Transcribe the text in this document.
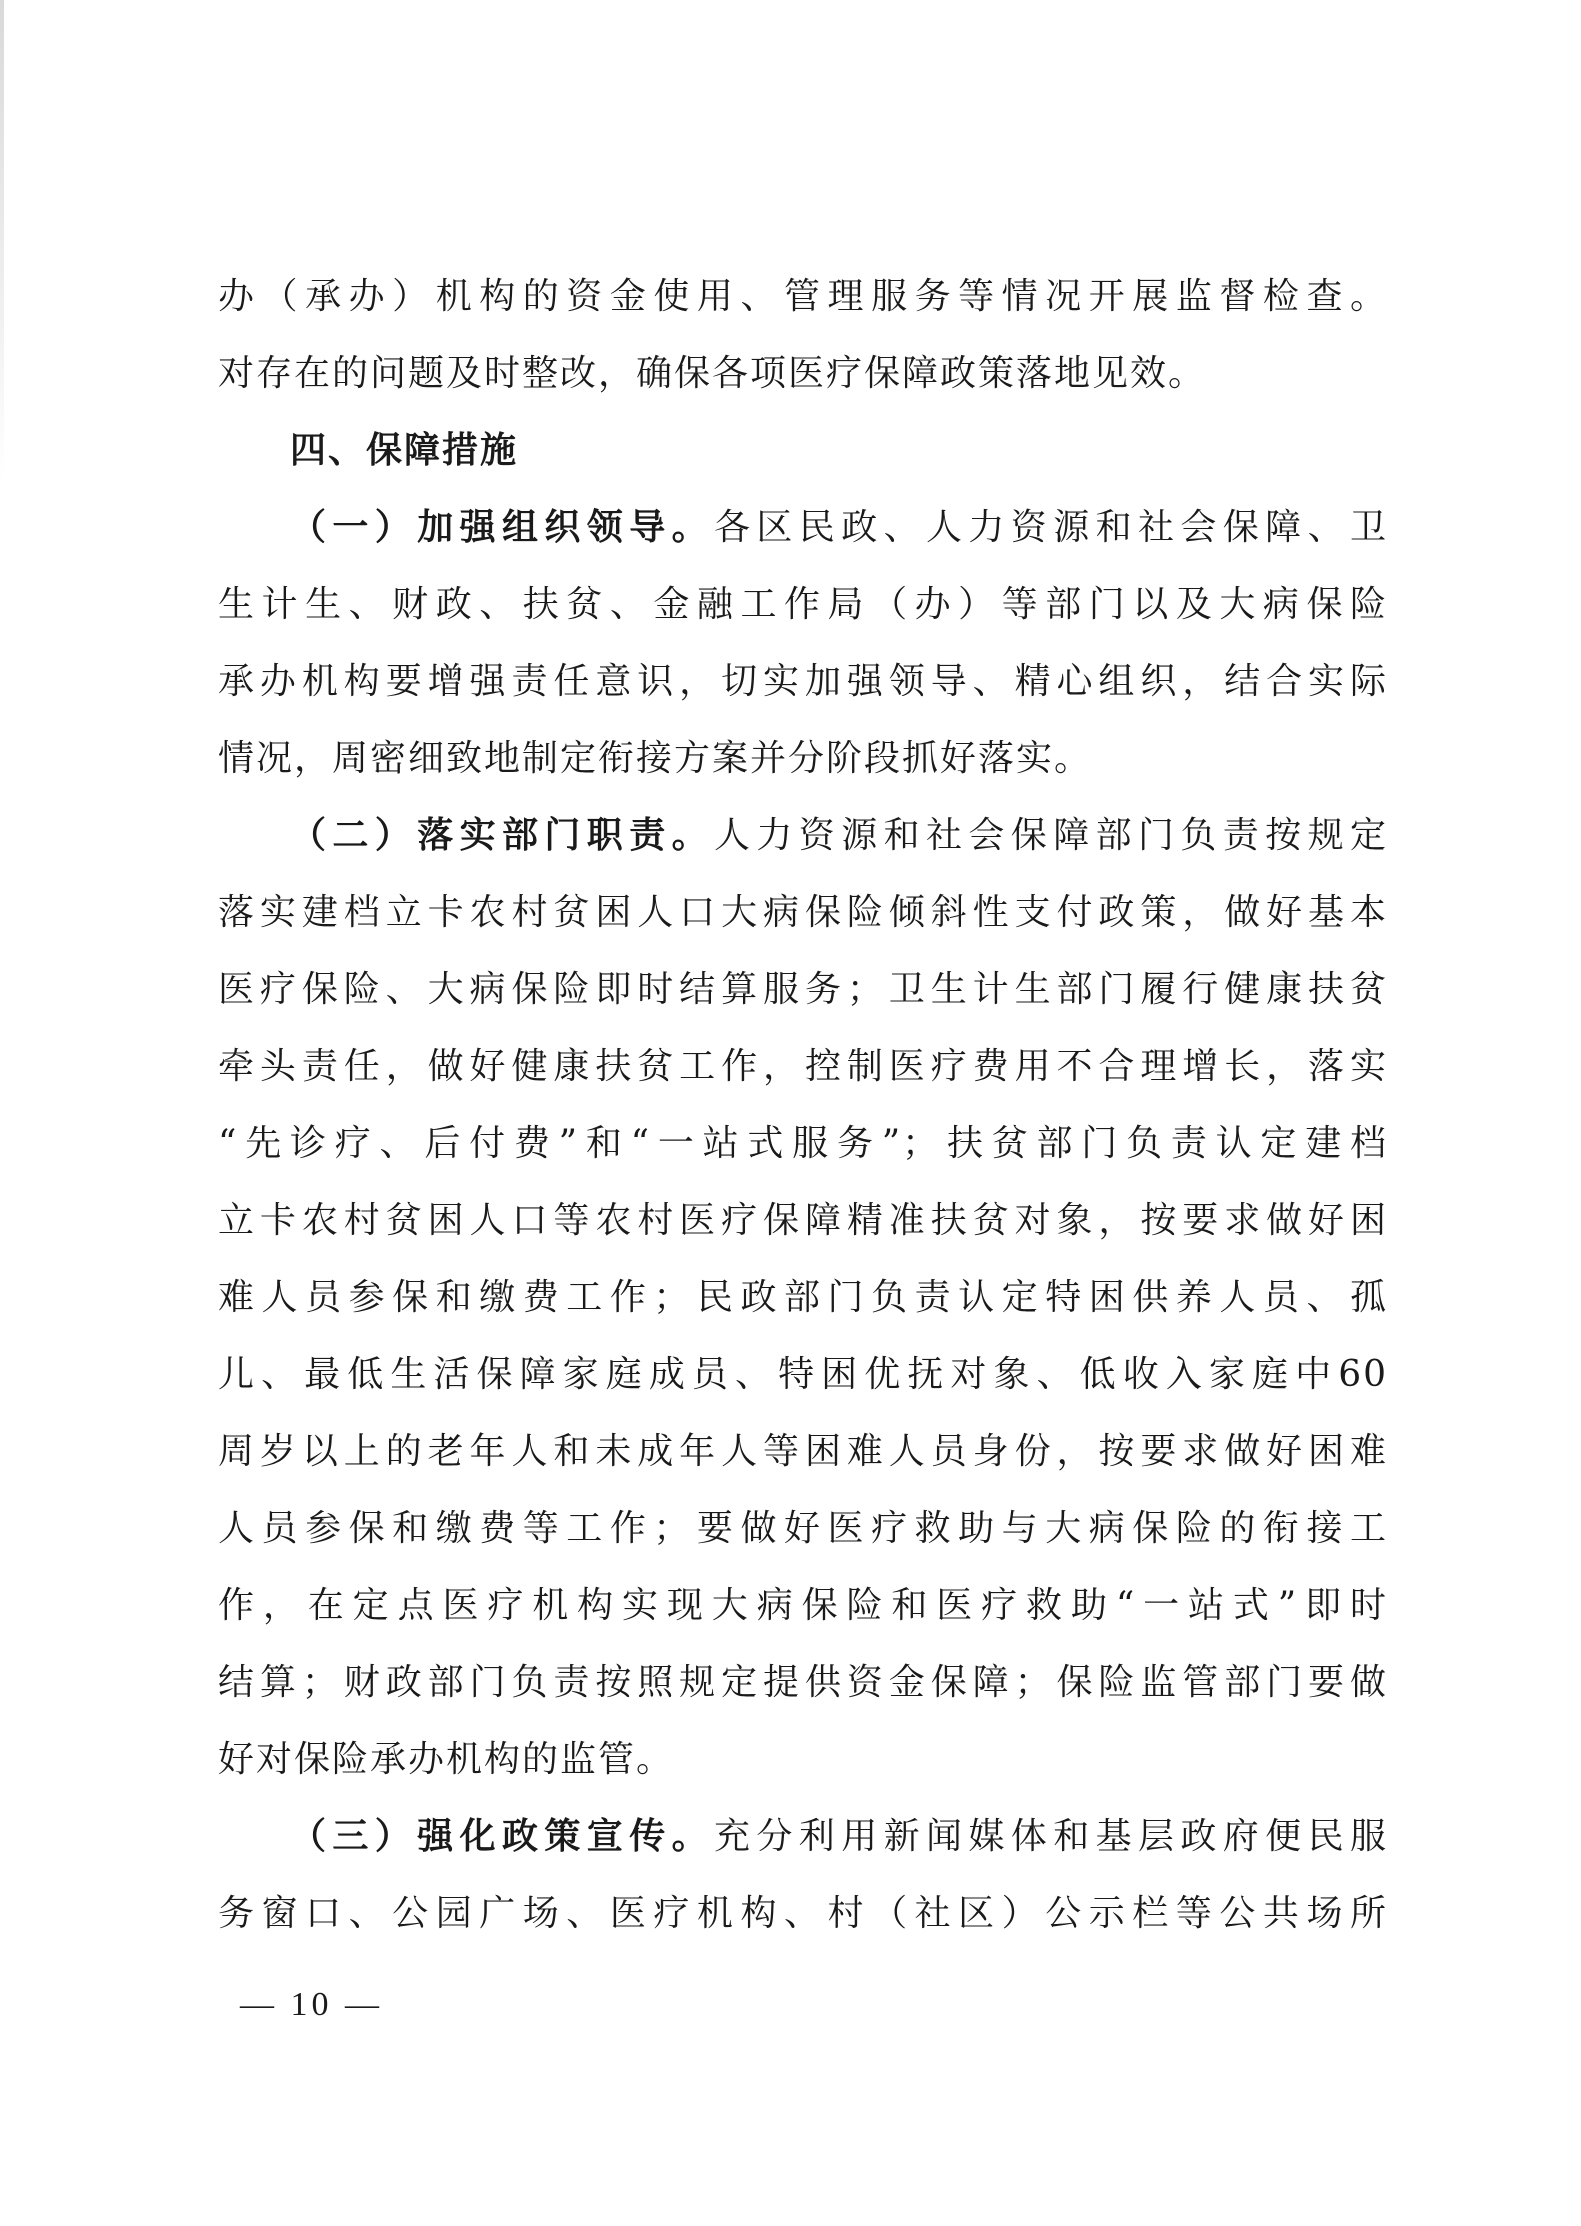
办（承办）机构的资金使用、管理服务等情况开展监督检查。
对存在的问题及时整改，确保各项医疗保障政策落地见效。
四、保障措施
（一）加强组织领导。各区民政、人力资源和社会保障、卫
生计生、财政、扶贫、金融工作局（办）等部门以及大病保险
承办机构要增强责任意识，切实加强领导、精心组织，结合实际
情况，周密细致地制定衔接方案并分阶段抓好落实。
（二）落实部门职责。人力资源和社会保障部门负责按规定
落实建档立卡农村贫困人口大病保险倾斜性支付政策，做好基本
医疗保险、大病保险即时结算服务；卫生计生部门履行健康扶贫
牵头责任，做好健康扶贫工作，控制医疗费用不合理增长，落实
“先诊疗、后付费”和“一站式服务”；扶贫部门负责认定建档
立卡农村贫困人口等农村医疗保障精准扶贫对象，按要求做好困
难人员参保和缴费工作；民政部门负责认定特困供养人员、孤
儿、最低生活保障家庭成员、特困优抚对象、低收入家庭中60
周岁以上的老年人和未成年人等困难人员身份，按要求做好困难
人员参保和缴费等工作；要做好医疗救助与大病保险的衔接工
作，在定点医疗机构实现大病保险和医疗救助“一站式”即时
结算；财政部门负责按照规定提供资金保障；保险监管部门要做
好对保险承办机构的监管。
（三）强化政策宣传。充分利用新闻媒体和基层政府便民服
务窗口、公园广场、医疗机构、村（社区）公示栏等公共场所
— 10 —
